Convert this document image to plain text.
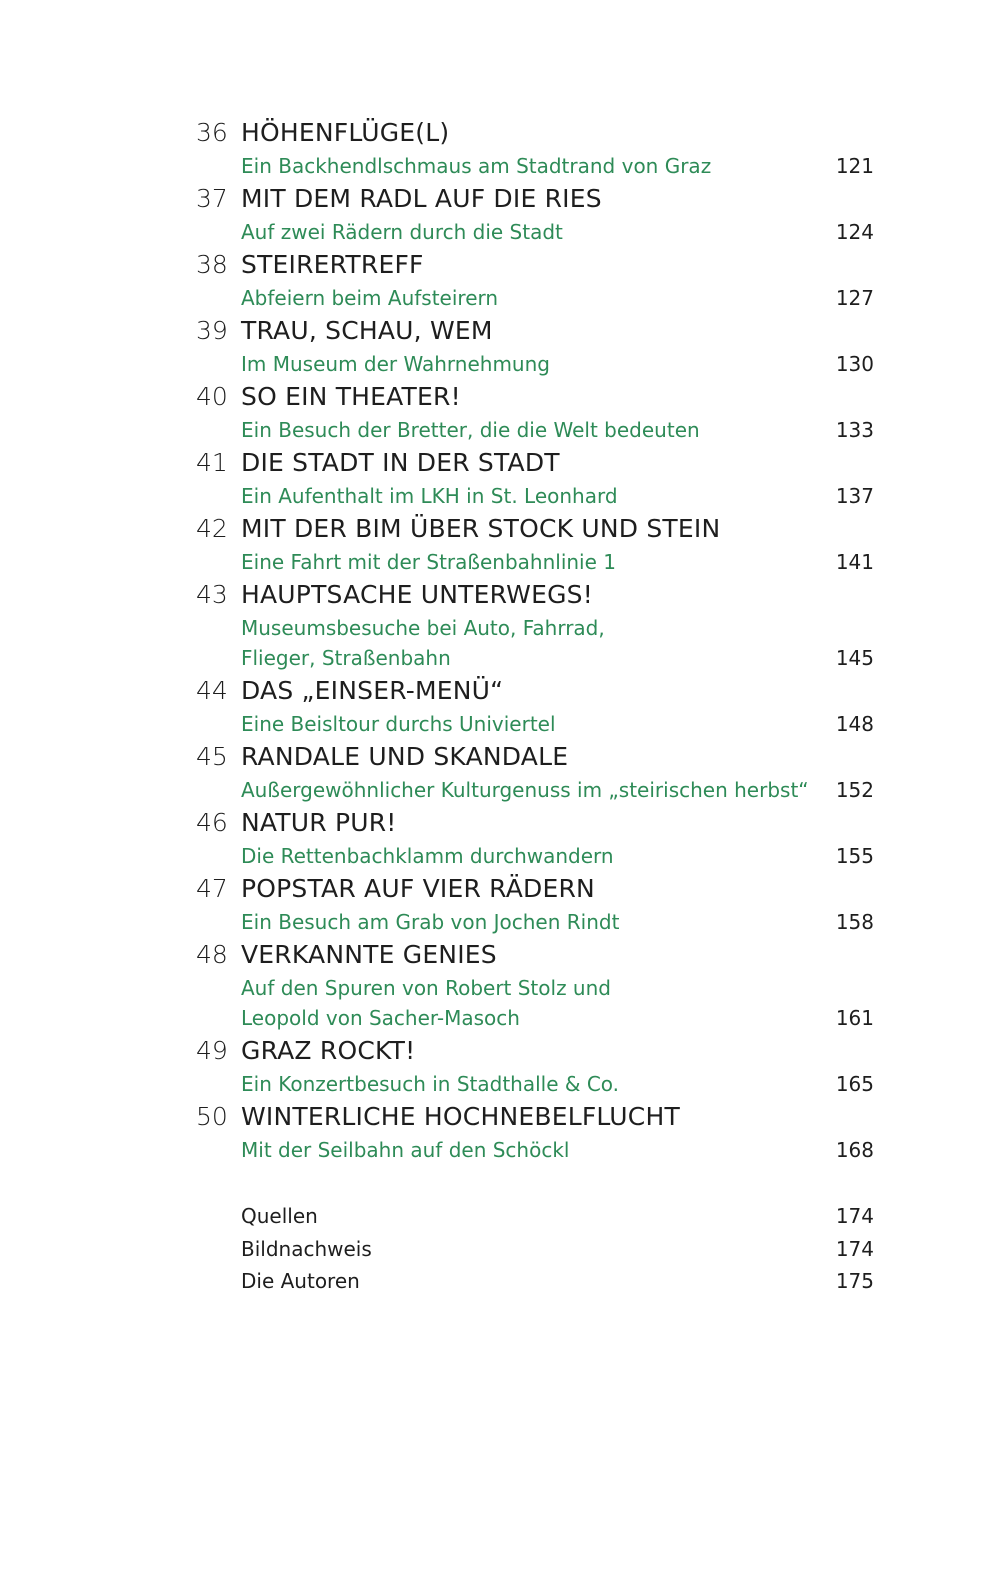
36 HÖHENFLÜGE(L)
Ein Backhendlschmaus am Stadtrand von Graz	121
37 MIT DEM RADL AUF DIE RIES
Auf zwei Rädern durch die Stadt	124
38 STEIRERTREFF
Abfeiern beim Aufsteirern	127
39 TRAU, SCHAU, WEM
Im Museum der Wahrnehmung	130
40 SO EIN THEATER!
Ein Besuch der Bretter, die die Welt bedeuten	133
41 DIE STADT IN DER STADT
Ein Aufenthalt im LKH in St. Leonhard	137
42 MIT DER BIM ÜBER STOCK UND STEIN
Eine Fahrt mit der Straßenbahnlinie 1	141
43 HAUPTSACHE UNTERWEGS!
Museumsbesuche bei Auto, Fahrrad,
Flieger, Straßenbahn	145
44 DAS „EINSER-MENÜ“
Eine Beisltour durchs Univiertel	148
45 RANDALE UND SKANDALE
Außergewöhnlicher Kulturgenuss im „steirischen herbst“ 152
46 NATUR PUR!
Die Rettenbachklamm durchwandern	155
47 POPSTAR AUF VIER RÄDERN
Ein Besuch am Grab von Jochen Rindt	158
48 VERKANNTE GENIES
Auf den Spuren von Robert Stolz und
Leopold von Sacher-Masoch	161
49 GRAZ ROCKT!
Ein Konzertbesuch in Stadthalle & Co.	165
50 WINTERLICHE HOCHNEBELFLUCHT
Mit der Seilbahn auf den Schöckl	168
Quellen	174
Bildnachweis	174
Die Autoren	175
